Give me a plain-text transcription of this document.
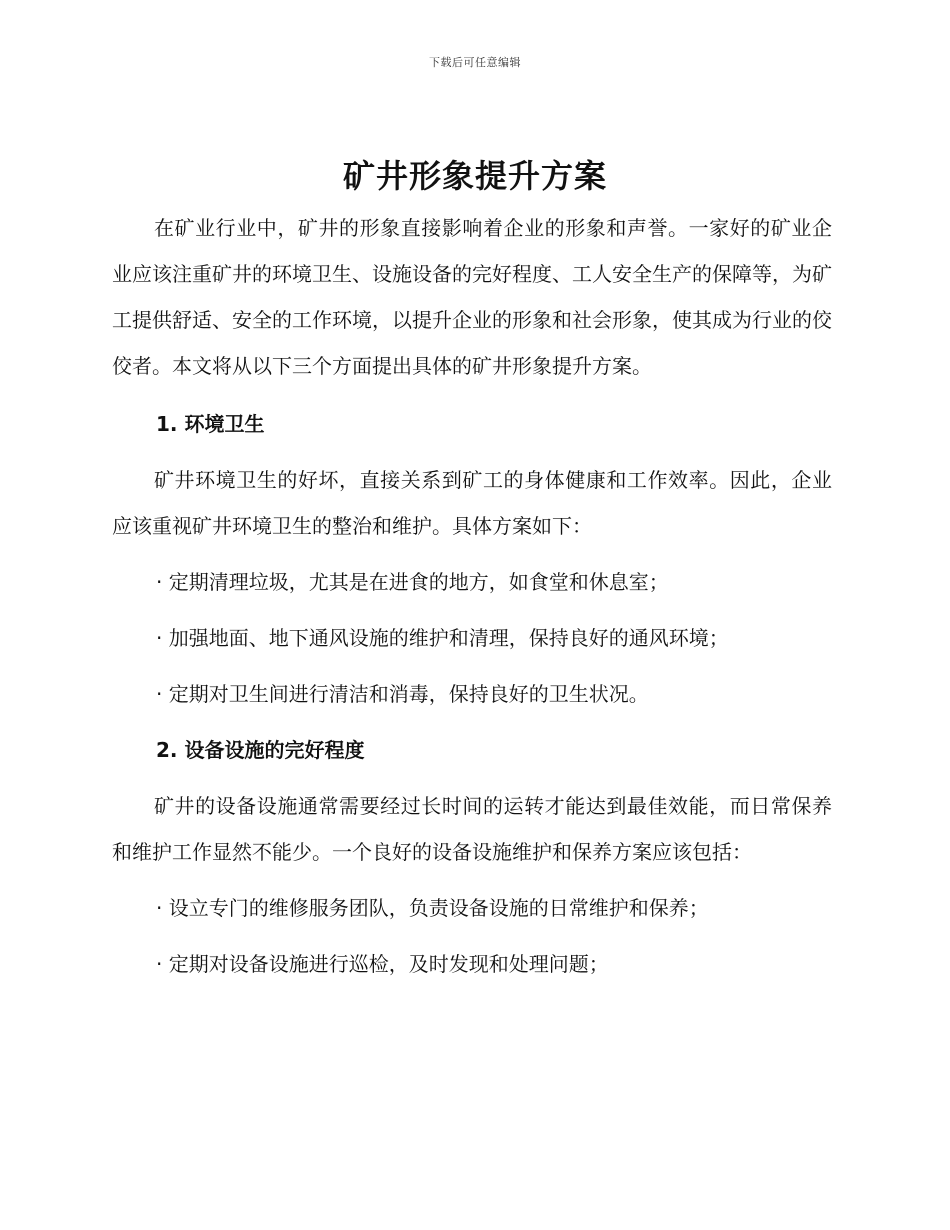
下载后可任意编辑
矿井形象提升方案

在矿业行业中，矿井的形象直接影响着企业的形象和声誉。一家好的矿业企业应该注重矿井的环境卫生、设施设备的完好程度、工人安全生产的保障等，为矿工提供舒适、安全的工作环境，以提升企业的形象和社会形象，使其成为行业的佼佼者。本文将从以下三个方面提出具体的矿井形象提升方案。

1. 环境卫生

矿井环境卫生的好坏，直接关系到矿工的身体健康和工作效率。因此，企业应该重视矿井环境卫生的整治和维护。具体方案如下：

· 定期清理垃圾，尤其是在进食的地方，如食堂和休息室；

· 加强地面、地下通风设施的维护和清理，保持良好的通风环境；

· 定期对卫生间进行清洁和消毒，保持良好的卫生状况。

2. 设备设施的完好程度

矿井的设备设施通常需要经过长时间的运转才能达到最佳效能，而日常保养和维护工作显然不能少。一个良好的设备设施维护和保养方案应该包括：

· 设立专门的维修服务团队，负责设备设施的日常维护和保养；

· 定期对设备设施进行巡检，及时发现和处理问题；
